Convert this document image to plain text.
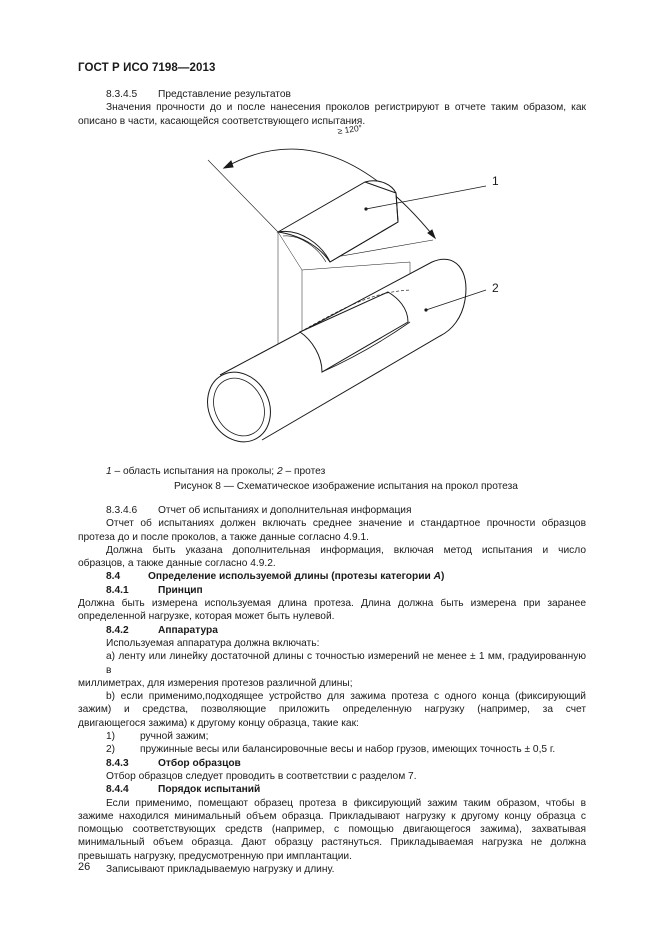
ГОСТ Р ИСО 7198—2013
8.3.4.5 Представление результатов
Значения прочности до и после нанесения проколов регистрируют в отчете таким образом, как
описано в части, касающейся соответствующего испытания.
≥ 120°
1
2
1 – область испытания на проколы; 2 – протез
Рисунок 8 — Схематическое изображение испытания на прокол протеза
8.3.4.6 Отчет об испытаниях и дополнительная информация
Отчет об испытаниях должен включать среднее значение и стандартное прочности образцов
протеза до и после проколов, а также данные согласно 4.9.1.
Должна быть указана дополнительная информация, включая метод испытания и число
образцов, а также данные согласно 4.9.2.
8.4	Определение используемой длины (протезы категории А)
8.4.1	Принцип
Должна быть измерена используемая длина протеза. Длина должна быть измерена при заранее
определенной нагрузке, которая может быть нулевой.
8.4.2	Аппаратура
Используемая аппаратура должна включать:
а) ленту или линейку достаточной длины с точностью измерений не менее ± 1 мм, градуированную в
миллиметрах, для измерения протезов различной длины;
b) если применимо,подходящее устройство для зажима протеза с одного конца (фиксирующий
зажим) и средства, позволяющие приложить определенную нагрузку (например, за счет
двигающегося зажима) к другому концу образца, такие как:
1) ручной зажим;
2) пружинные весы или балансировочные весы и набор грузов, имеющих точность ± 0,5 г.
8.4.3	Отбор образцов
Отбор образцов следует проводить в соответствии с разделом 7.
8.4.4	Порядок испытаний
Если применимо, помещают образец протеза в фиксирующий зажим таким образом, чтобы в
зажиме находился минимальный объем образца. Прикладывают нагрузку к другому концу образца с
помощью соответствующих средств (например, с помощью двигающегося зажима), захватывая
минимальный объем образца. Дают образцу растянуться. Прикладываемая нагрузка не должна
превышать нагрузку, предусмотренную при имплантации.
Записывают прикладываемую нагрузку и длину.
26
